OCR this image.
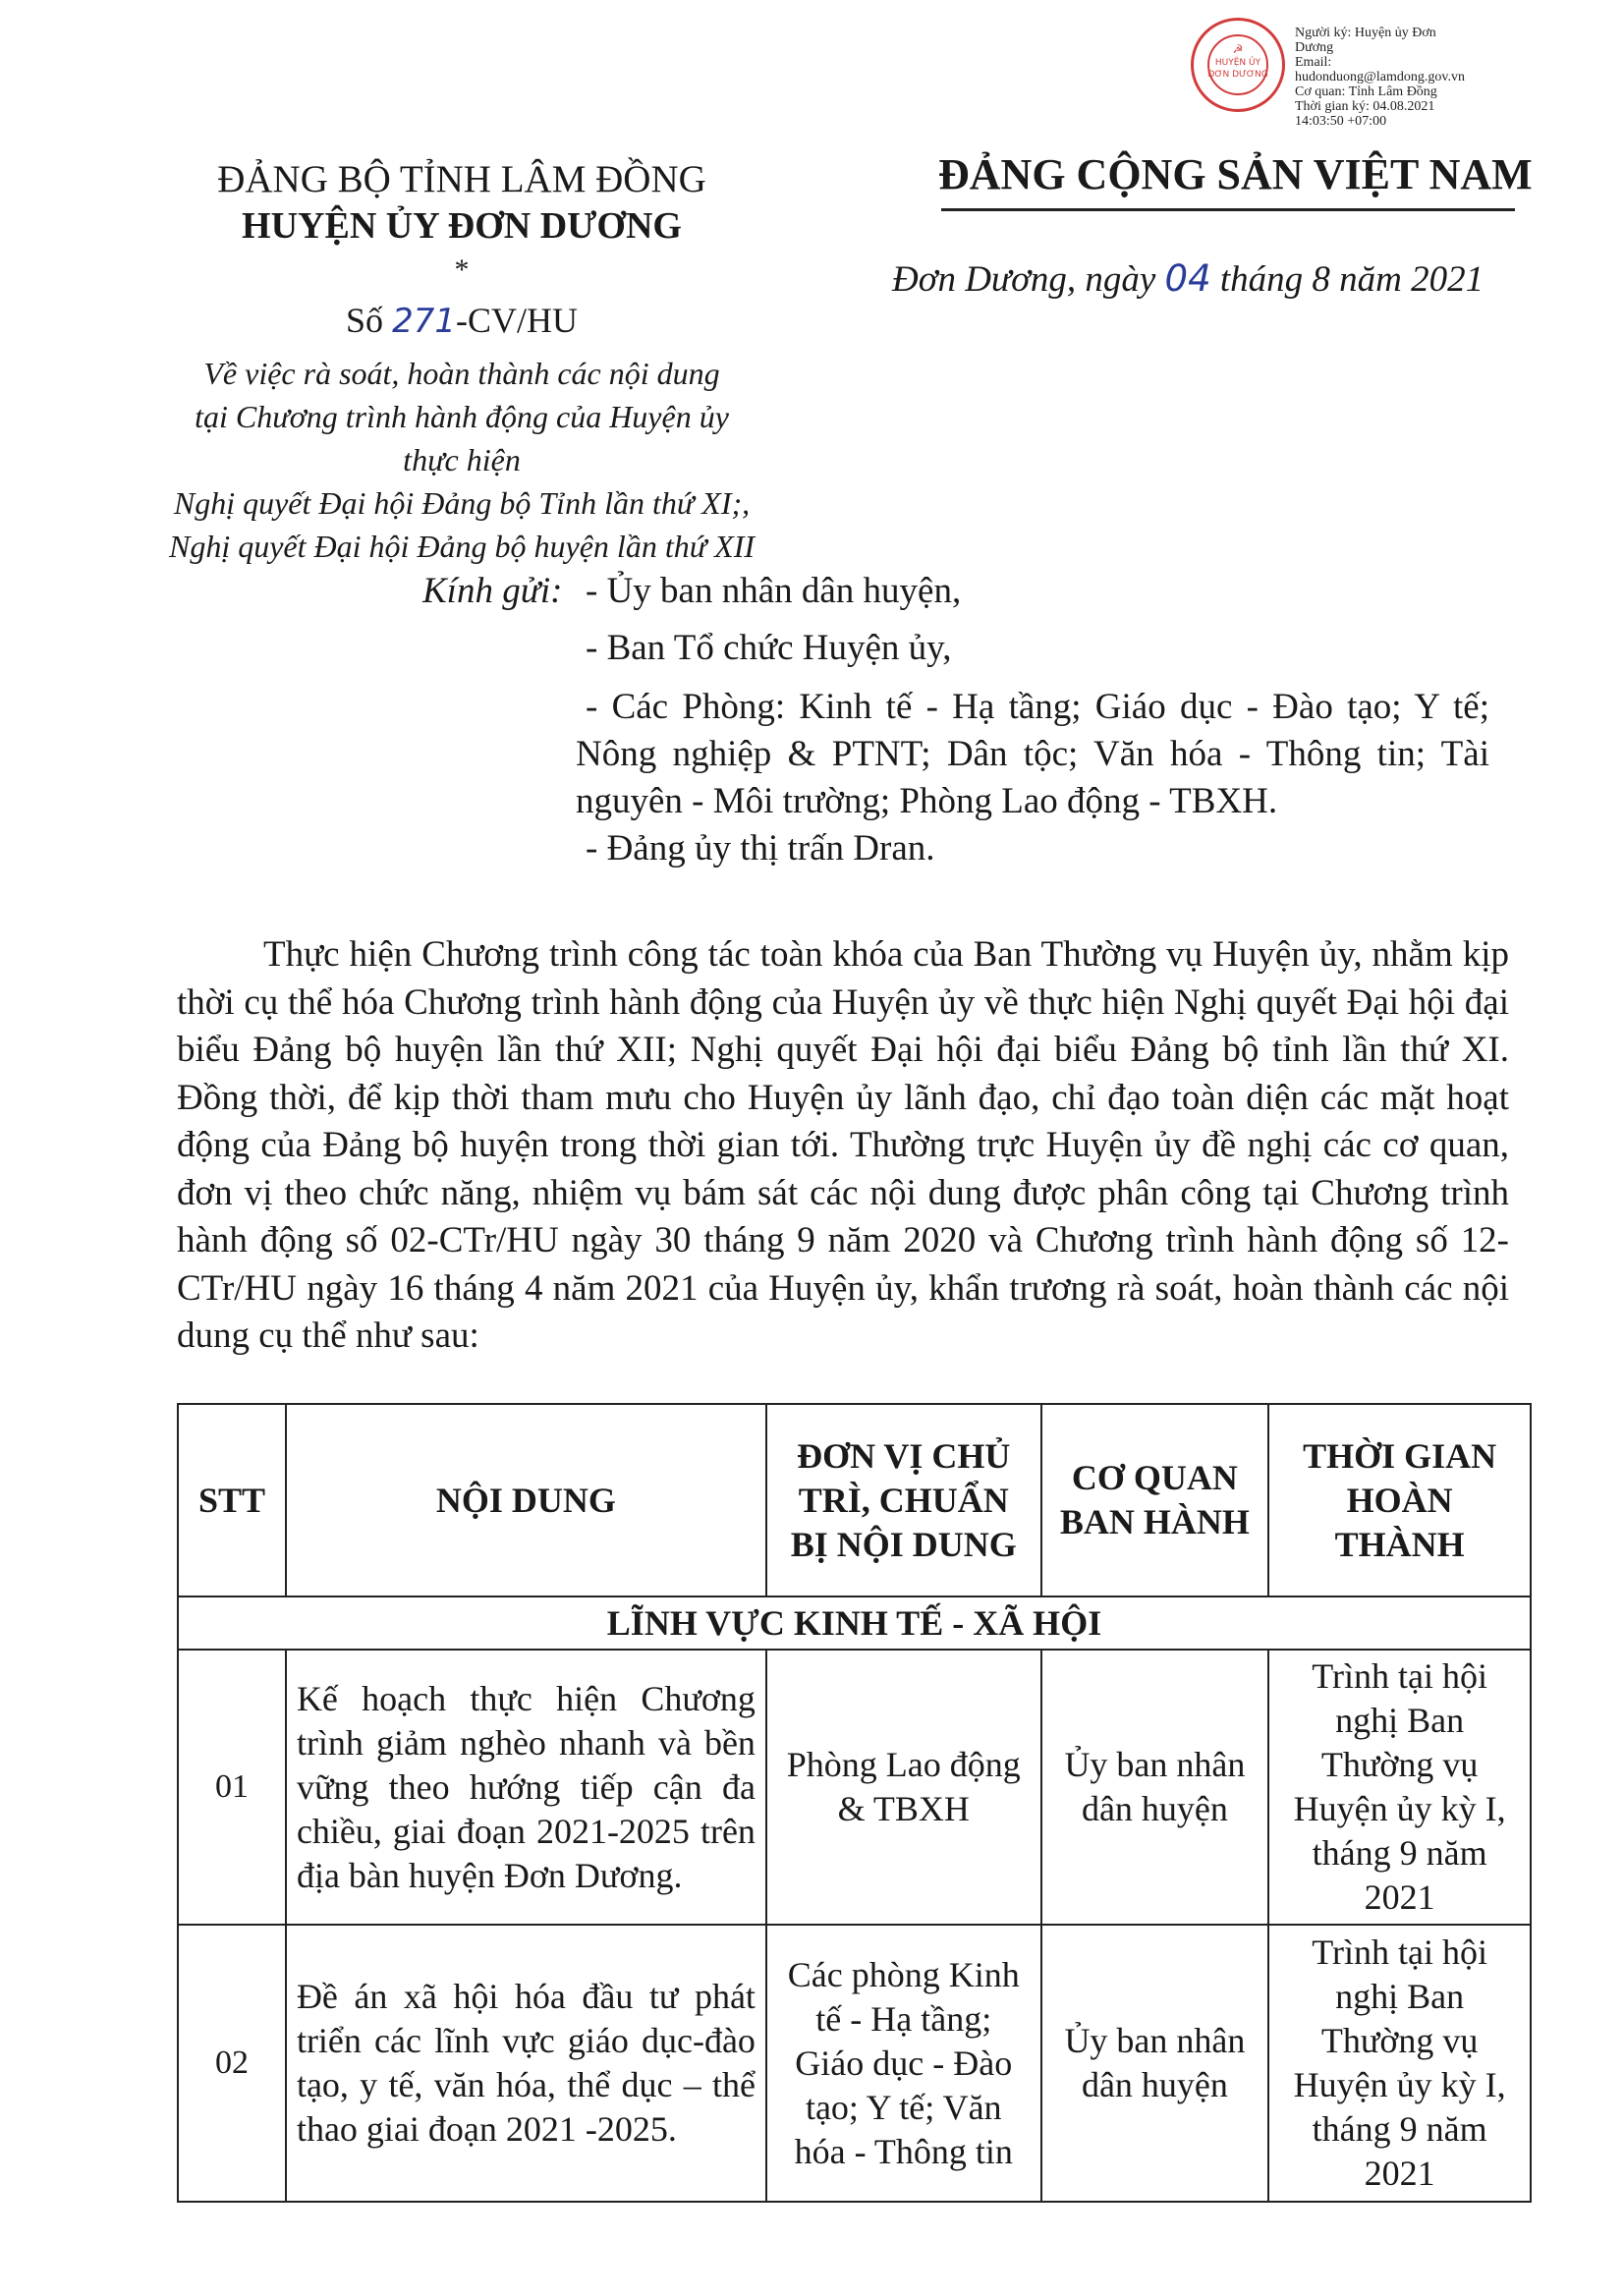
☭
HUYỆN ỦY
ĐƠN DƯƠNG
Người ký: Huyện ủy Đơn
Dương
Email:
hudonduong@lamdong.gov.vn
Cơ quan: Tỉnh Lâm Đồng
Thời gian ký: 04.08.2021
14:03:50 +07:00
ĐẢNG BỘ TỈNH LÂM ĐỒNG
HUYỆN ỦY ĐƠN DƯƠNG
*
Số 271-CV/HU
Về việc rà soát, hoàn thành các nội dung
tại Chương trình hành động của Huyện ủy thực hiện
Nghị quyết Đại hội Đảng bộ Tỉnh lần thứ XI;,
Nghị quyết Đại hội Đảng bộ huyện lần thứ XII
ĐẢNG CỘNG SẢN VIỆT NAM
Đơn Dương, ngày 04 tháng 8 năm 2021
Kính gửi: - Ủy ban nhân dân huyện,
- Ban Tổ chức Huyện ủy,
- Các Phòng: Kinh tế - Hạ tầng; Giáo dục - Đào tạo; Y tế; Nông nghiệp & PTNT; Dân tộc; Văn hóa - Thông tin; Tài nguyên - Môi trường; Phòng Lao động - TBXH.
- Đảng ủy thị trấn Dran.

Thực hiện Chương trình công tác toàn khóa của Ban Thường vụ Huyện ủy, nhằm kịp thời cụ thể hóa Chương trình hành động của Huyện ủy về thực hiện Nghị quyết Đại hội đại biểu Đảng bộ huyện lần thứ XII; Nghị quyết Đại hội đại biểu Đảng bộ tỉnh lần thứ XI. Đồng thời, để kịp thời tham mưu cho Huyện ủy lãnh đạo, chỉ đạo toàn diện các mặt hoạt động của Đảng bộ huyện trong thời gian tới. Thường trực Huyện ủy đề nghị các cơ quan, đơn vị theo chức năng, nhiệm vụ bám sát các nội dung được phân công tại Chương trình hành động số 02-CTr/HU ngày 30 tháng 9 năm 2020 và Chương trình hành động số 12-CTr/HU ngày 16 tháng 4 năm 2021 của Huyện ủy, khẩn trương rà soát, hoàn thành các nội dung cụ thể như sau:

STT	NỘI DUNG	ĐƠN VỊ CHỦ TRÌ, CHUẨN BỊ NỘI DUNG	CƠ QUAN BAN HÀNH	THỜI GIAN HOÀN THÀNH
LĨNH VỰC KINH TẾ - XÃ HỘI				
01	Kế hoạch thực hiện Chương trình giảm nghèo nhanh và bền vững theo hướng tiếp cận đa chiều, giai đoạn 2021-2025 trên địa bàn huyện Đơn Dương.	Phòng Lao động & TBXH	Ủy ban nhân dân huyện	Trình tại hội nghị Ban Thường vụ Huyện ủy kỳ I, tháng 9 năm 2021
02	Đề án xã hội hóa đầu tư phát triển các lĩnh vực giáo dục-đào tạo, y tế, văn hóa, thể dục – thể thao giai đoạn 2021 -2025.	Các phòng Kinh tế - Hạ tầng; Giáo dục - Đào tạo; Y tế; Văn hóa - Thông tin	Ủy ban nhân dân huyện	Trình tại hội nghị Ban Thường vụ Huyện ủy kỳ I, tháng 9 năm 2021
